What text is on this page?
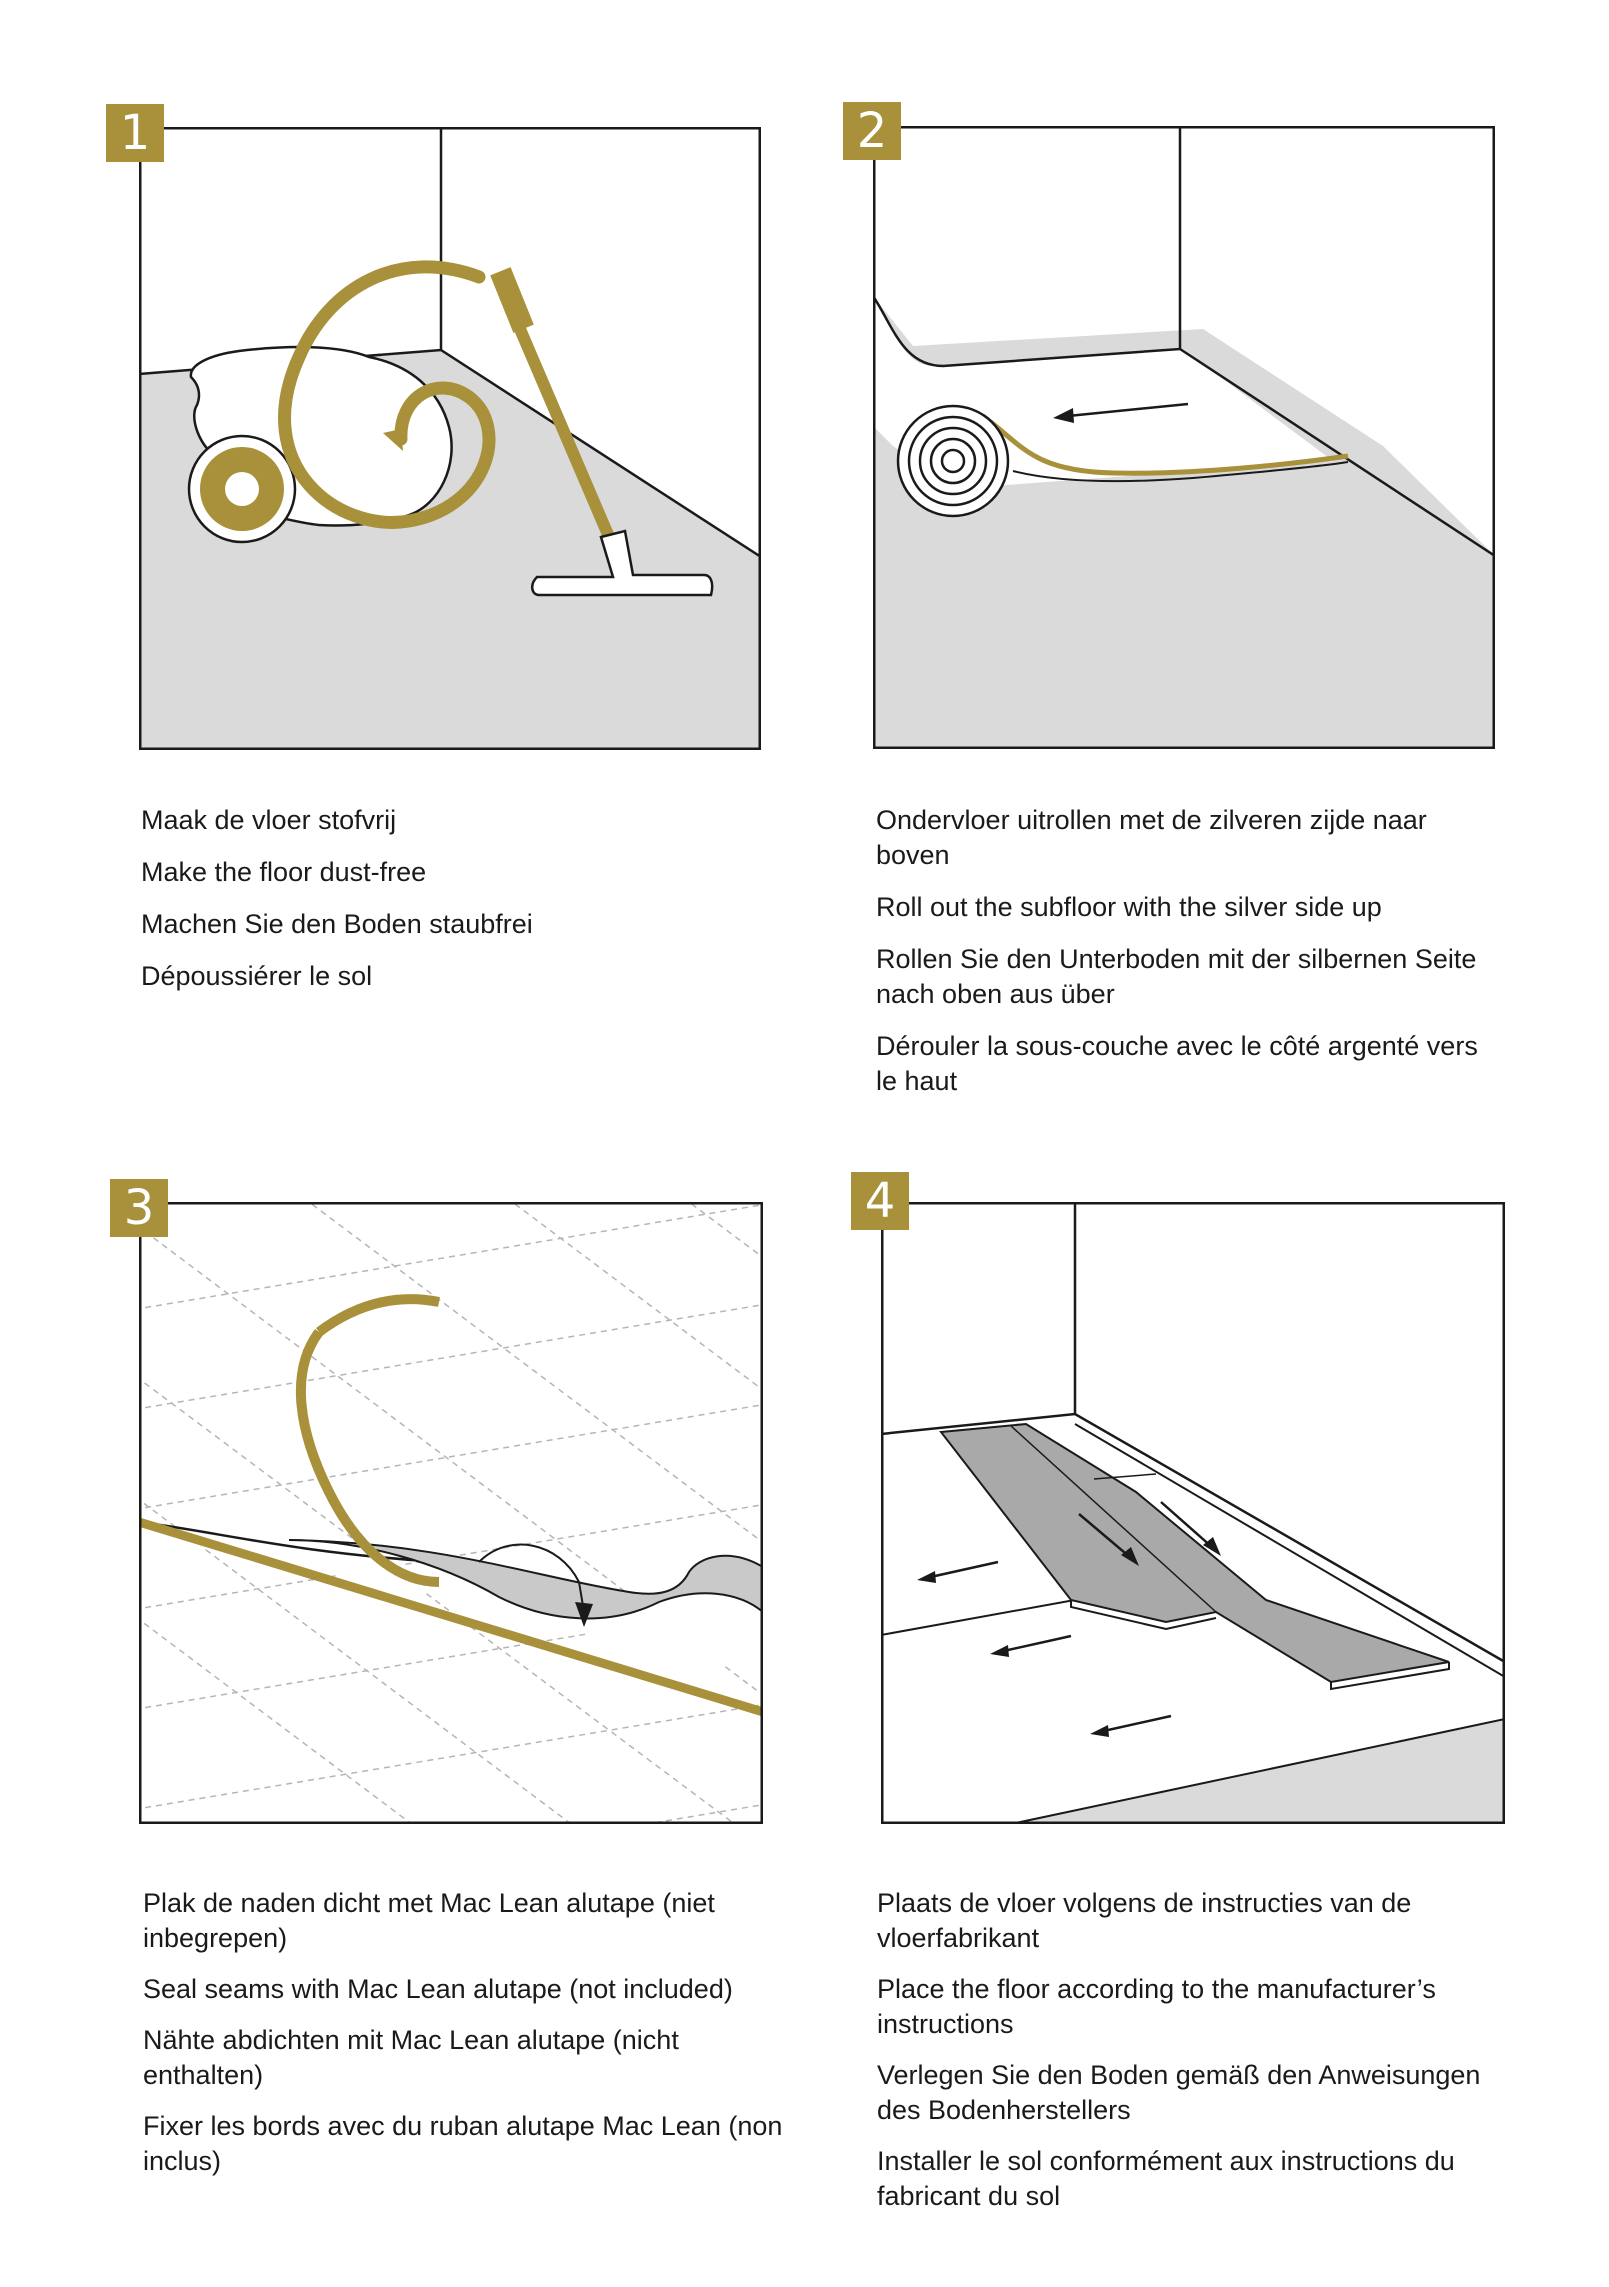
1

Maak de vloer stofvrij

Make the floor dust-free

Machen Sie den Boden staubfrei

Dépoussiérer le sol

2

Ondervloer uitrollen met de zilveren zijde naar boven

Roll out the subfloor with the silver side up

Rollen Sie den Unterboden mit der silbernen Seite nach oben aus über

Dérouler la sous-couche avec le côté argenté vers le haut

3

Plak de naden dicht met Mac Lean alutape (niet inbegrepen)

Seal seams with Mac Lean alutape (not included)

Nähte abdichten mit Mac Lean alutape (nicht enthalten)

Fixer les bords avec du ruban alutape Mac Lean (non inclus)

4

Plaats de vloer volgens de instructies van de vloerfabrikant

Place the floor according to the manufacturer’s instructions

Verlegen Sie den Boden gemäß den Anweisungen des Bodenherstellers

Installer le sol conformément aux instructions du fabricant du sol
